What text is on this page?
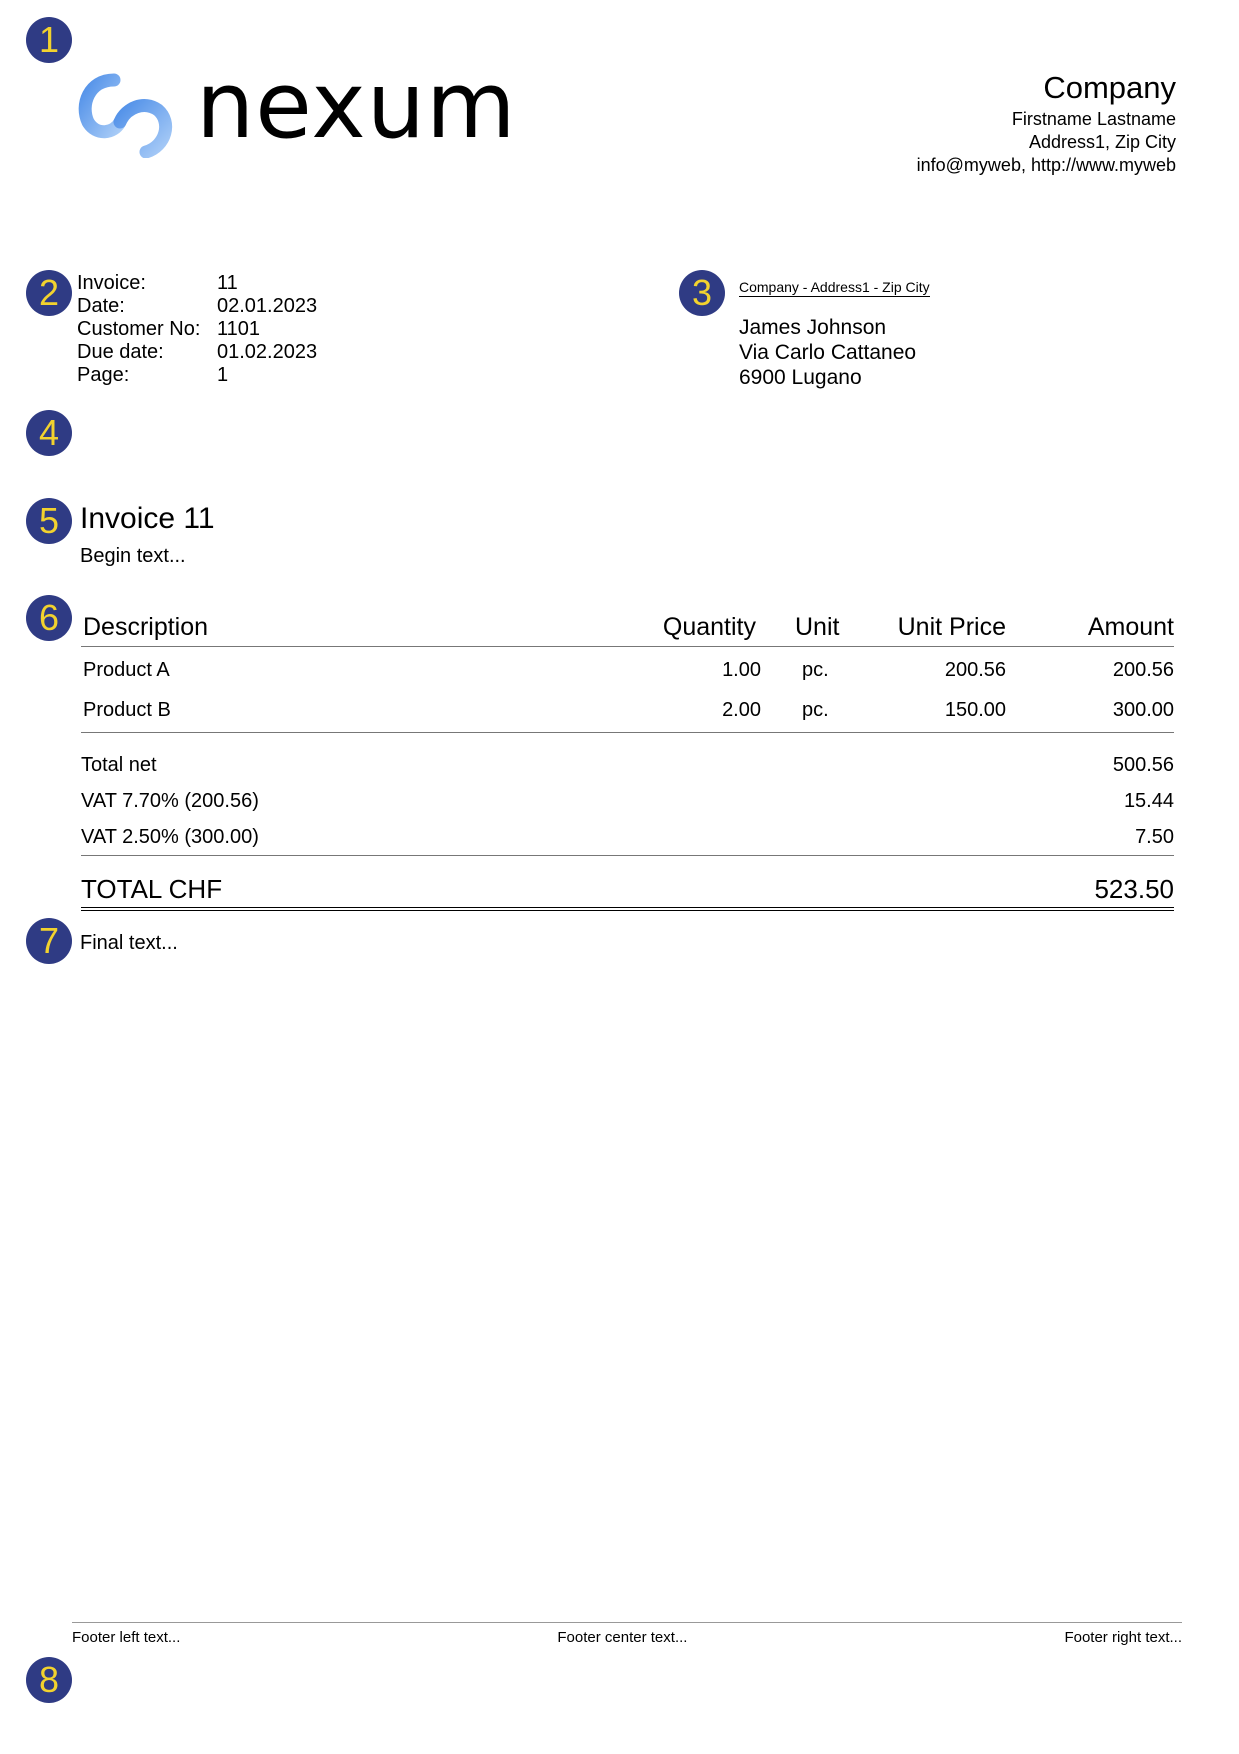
1
2	3
4
5
6
7
8
nexum	Company
Firstname Lastname
Address1, Zip City
info@myweb, http://www.myweb
Invoice:	11
Date:	02.01.2023
Customer No: 1101
Due date:	01.02.2023
Page:	1
Company - Address1 - Zip City
James Johnson
Via Carlo Cattaneo
6900 Lugano
Invoice 11
Begin text...
Description	Quantity	Unit	Unit Price	Amount
Product A	1.00	pc.	200.56	200.56
Product B	2.00	pc.	150.00	300.00
Total net	500.56
VAT 7.70% (200.56)	15.44
VAT 2.50% (300.00)	7.50
TOTAL CHF	523.50
Final text...
Footer left text...	Footer center text...	Footer right text...
